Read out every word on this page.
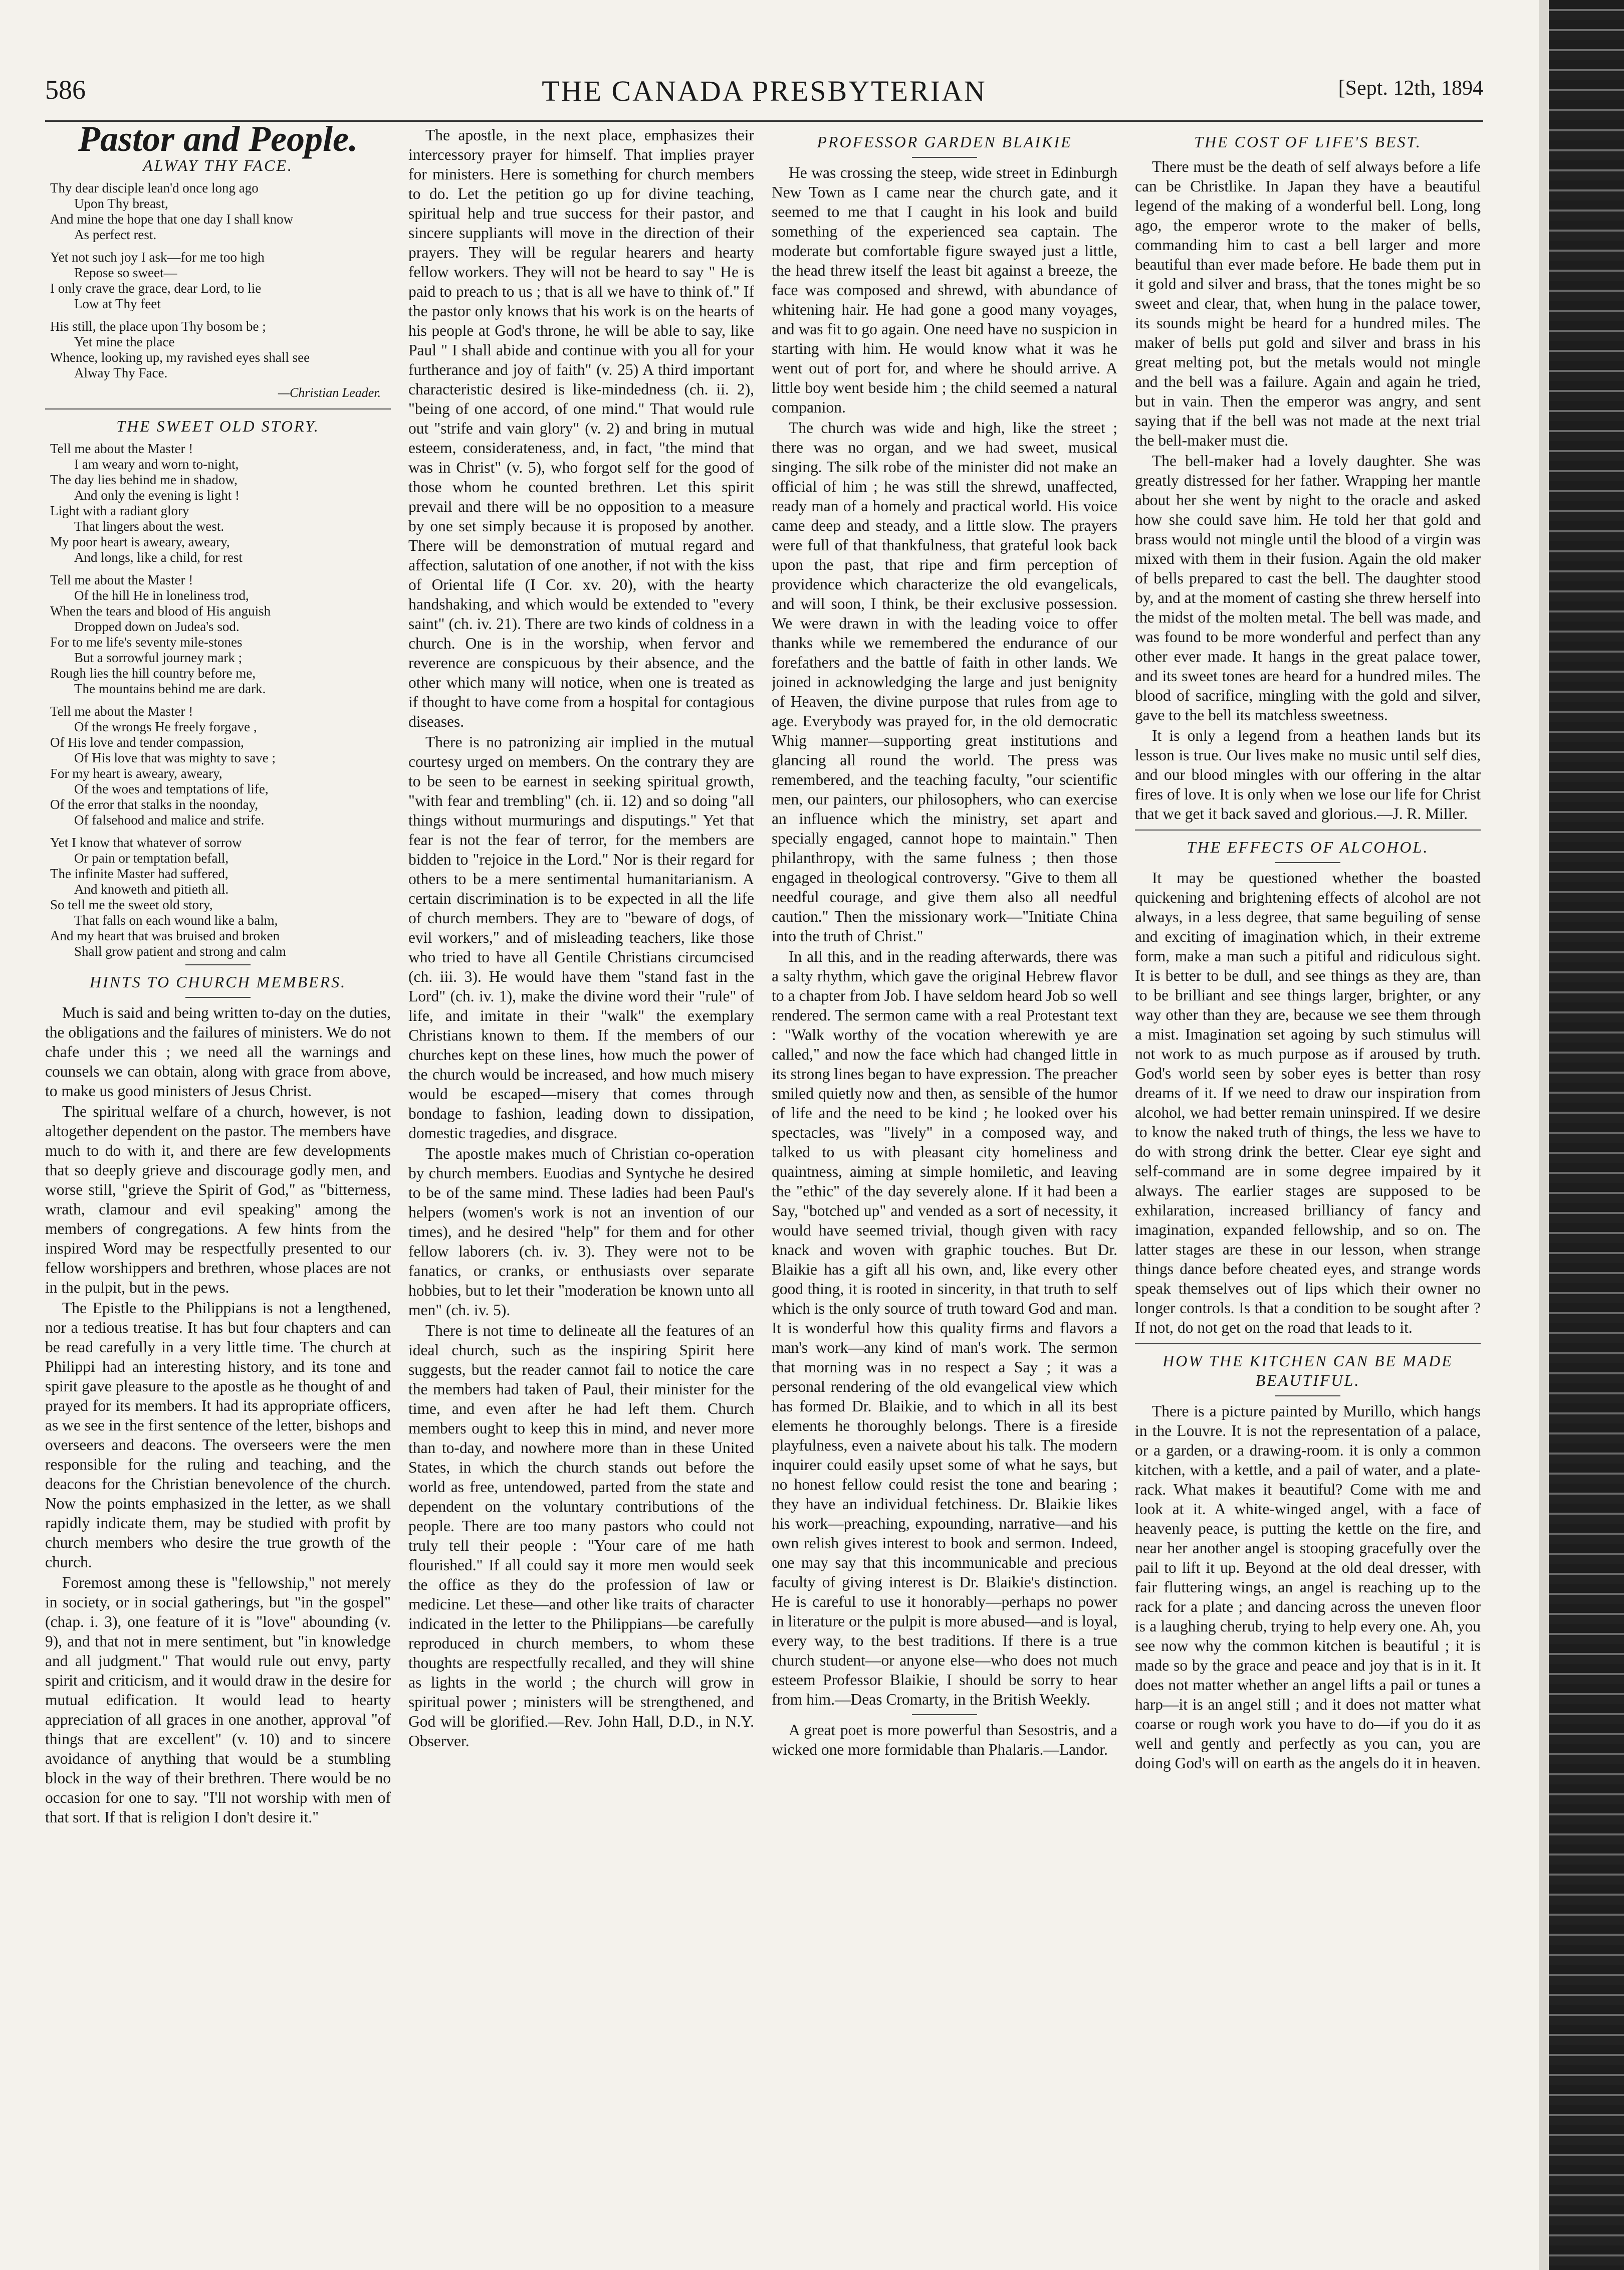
586	THE CANADA PRESBYTERIAN	[Sept. 12th, 1894
Pastor and People.
ALWAY THY FACE.
Thy dear disciple lean'd once long ago
Upon Thy breast,
And mine the hope that one day I shall know
As perfect rest.
Yet not such joy I ask—for me too high
Repose so sweet—
I only crave the grace, dear Lord, to lie
Low at Thy feet
His still, the place upon Thy bosom be ;
Yet mine the place
Whence, looking up, my ravished eyes shall see
Alway Thy Face.
—Christian Leader.
THE SWEET OLD STORY.
Tell me about the Master !
I am weary and worn to-night,
The day lies behind me in shadow,
And only the evening is light !
Light with a radiant glory
That lingers about the west.
My poor heart is aweary, aweary,
And longs, like a child, for rest
Tell me about the Master !
Of the hill He in loneliness trod,
When the tears and blood of His anguish
Dropped down on Judea's sod.
For to me life's seventy mile-stones
But a sorrowful journey mark ;
Rough lies the hill country before me,
The mountains behind me are dark.
Tell me about the Master !
Of the wrongs He freely forgave ,
Of His love and tender compassion,
Of His love that was mighty to save ;
For my heart is aweary, aweary,
Of the woes and temptations of life,
Of the error that stalks in the noonday,
Of falsehood and malice and strife.
Yet I know that whatever of sorrow
Or pain or temptation befall,
The infinite Master had suffered,
And knoweth and pitieth all.
So tell me the sweet old story,
That falls on each wound like a balm,
And my heart that was bruised and broken
Shall grow patient and strong and calm
HINTS TO CHURCH MEMBERS.

Much is said and being written to-day on the duties, the obligations and the failures of ministers. We do not chafe under this ; we need all the warnings and counsels we can obtain, along with grace from above, to make us good ministers of Jesus Christ.

The spiritual welfare of a church, however, is not altogether dependent on the pastor. The members have much to do with it, and there are few developments that so deeply grieve and discourage godly men, and worse still, "grieve the Spirit of God," as "bitterness, wrath, clamour and evil speaking" among the members of congregations. A few hints from the inspired Word may be respectfully presented to our fellow worshippers and brethren, whose places are not in the pulpit, but in the pews.

The Epistle to the Philippians is not a lengthened, nor a tedious treatise. It has but four chapters and can be read carefully in a very little time. The church at Philippi had an interesting history, and its tone and spirit gave pleasure to the apostle as he thought of and prayed for its members. It had its appropriate officers, as we see in the first sentence of the letter, bishops and overseers and deacons. The overseers were the men responsible for the ruling and teaching, and the deacons for the Christian benevolence of the church. Now the points emphasized in the letter, as we shall rapidly indicate them, may be studied with profit by church members who desire the true growth of the church.

Foremost among these is "fellowship," not merely in society, or in social gatherings, but "in the gospel" (chap. i. 3), one feature of it is "love" abounding (v. 9), and that not in mere sentiment, but "in knowledge and all judgment." That would rule out envy, party spirit and criticism, and it would draw in the desire for mutual edification. It would lead to hearty appreciation of all graces in one another, approval "of things that are excellent" (v. 10) and to sincere avoidance of anything that would be a stumbling block in the way of their brethren. There would be no occasion for one to say. "I'll not worship with men of that sort. If that is religion I don't desire it."

The apostle, in the next place, emphasizes their intercessory prayer for himself. That implies prayer for ministers. Here is something for church members to do. Let the petition go up for divine teaching, spiritual help and true success for their pastor, and sincere suppliants will move in the direction of their prayers. They will be regular hearers and hearty fellow workers. They will not be heard to say " He is paid to preach to us ; that is all we have to think of." If the pastor only knows that his work is on the hearts of his people at God's throne, he will be able to say, like Paul " I shall abide and continue with you all for your furtherance and joy of faith" (v. 25) A third important characteristic desired is like-mindedness (ch. ii. 2), "being of one accord, of one mind." That would rule out "strife and vain glory" (v. 2) and bring in mutual esteem, considerateness, and, in fact, "the mind that was in Christ" (v. 5), who forgot self for the good of those whom he counted brethren. Let this spirit prevail and there will be no opposition to a measure by one set simply because it is proposed by another. There will be demonstration of mutual regard and affection, salutation of one another, if not with the kiss of Oriental life (I Cor. xv. 20), with the hearty handshaking, and which would be extended to "every saint" (ch. iv. 21). There are two kinds of coldness in a church. One is in the worship, when fervor and reverence are conspicuous by their absence, and the other which many will notice, when one is treated as if thought to have come from a hospital for contagious diseases.

There is no patronizing air implied in the mutual courtesy urged on members. On the contrary they are to be seen to be earnest in seeking spiritual growth, "with fear and trembling" (ch. ii. 12) and so doing "all things without murmurings and disputings." Yet that fear is not the fear of terror, for the members are bidden to "rejoice in the Lord." Nor is their regard for others to be a mere sentimental humanitarianism. A certain discrimination is to be expected in all the life of church members. They are to "beware of dogs, of evil workers," and of misleading teachers, like those who tried to have all Gentile Christians circumcised (ch. iii. 3). He would have them "stand fast in the Lord" (ch. iv. 1), make the divine word their "rule" of life, and imitate in their "walk" the exemplary Christians known to them. If the members of our churches kept on these lines, how much the power of the church would be increased, and how much misery would be escaped—misery that comes through bondage to fashion, leading down to dissipation, domestic tragedies, and disgrace.

The apostle makes much of Christian co-operation by church members. Euodias and Syntyche he desired to be of the same mind. These ladies had been Paul's helpers (women's work is not an invention of our times), and he desired "help" for them and for other fellow laborers (ch. iv. 3). They were not to be fanatics, or cranks, or enthusiasts over separate hobbies, but to let their "moderation be known unto all men" (ch. iv. 5).

There is not time to delineate all the features of an ideal church, such as the inspiring Spirit here suggests, but the reader cannot fail to notice the care the members had taken of Paul, their minister for the time, and even after he had left them. Church members ought to keep this in mind, and never more than to-day, and nowhere more than in these United States, in which the church stands out before the world as free, untendowed, parted from the state and dependent on the voluntary contributions of the people. There are too many pastors who could not truly tell their people : "Your care of me hath flourished." If all could say it more men would seek the office as they do the profession of law or medicine. Let these—and other like traits of character indicated in the letter to the Philippians—be carefully reproduced in church members, to whom these thoughts are respectfully recalled, and they will shine as lights in the world ; the church will grow in spiritual power ; ministers will be strengthened, and God will be glorified.—Rev. John Hall, D.D., in N.Y. Observer.

PROFESSOR GARDEN BLAIKIE

He was crossing the steep, wide street in Edinburgh New Town as I came near the church gate, and it seemed to me that I caught in his look and build something of the experienced sea captain. The moderate but comfortable figure swayed just a little, the head threw itself the least bit against a breeze, the face was composed and shrewd, with abundance of whitening hair. He had gone a good many voyages, and was fit to go again. One need have no suspicion in starting with him. He would know what it was he went out of port for, and where he should arrive. A little boy went beside him ; the child seemed a natural companion.

The church was wide and high, like the street ; there was no organ, and we had sweet, musical singing. The silk robe of the minister did not make an official of him ; he was still the shrewd, unaffected, ready man of a homely and practical world. His voice came deep and steady, and a little slow. The prayers were full of that thankfulness, that grateful look back upon the past, that ripe and firm perception of providence which characterize the old evangelicals, and will soon, I think, be their exclusive possession. We were drawn in with the leading voice to offer thanks while we remembered the endurance of our forefathers and the battle of faith in other lands. We joined in acknowledging the large and just benignity of Heaven, the divine purpose that rules from age to age. Everybody was prayed for, in the old democratic Whig manner—supporting great institutions and glancing all round the world. The press was remembered, and the teaching faculty, "our scientific men, our painters, our philosophers, who can exercise an influence which the ministry, set apart and specially engaged, cannot hope to maintain." Then philanthropy, with the same fulness ; then those engaged in theological controversy. "Give to them all needful courage, and give them also all needful caution." Then the missionary work—"Initiate China into the truth of Christ."

In all this, and in the reading afterwards, there was a salty rhythm, which gave the original Hebrew flavor to a chapter from Job. I have seldom heard Job so well rendered. The sermon came with a real Protestant text : "Walk worthy of the vocation wherewith ye are called," and now the face which had changed little in its strong lines began to have expression. The preacher smiled quietly now and then, as sensible of the humor of life and the need to be kind ; he looked over his spectacles, was "lively" in a composed way, and talked to us with pleasant city homeliness and quaintness, aiming at simple homiletic, and leaving the "ethic" of the day severely alone. If it had been a Say, "botched up" and vended as a sort of necessity, it would have seemed trivial, though given with racy knack and woven with graphic touches. But Dr. Blaikie has a gift all his own, and, like every other good thing, it is rooted in sincerity, in that truth to self which is the only source of truth toward God and man. It is wonderful how this quality firms and flavors a man's work—any kind of man's work. The sermon that morning was in no respect a Say ; it was a personal rendering of the old evangelical view which has formed Dr. Blaikie, and to which in all its best elements he thoroughly belongs. There is a fireside playfulness, even a naivete about his talk. The modern inquirer could easily upset some of what he says, but no honest fellow could resist the tone and bearing ; they have an individual fetchiness. Dr. Blaikie likes his work—preaching, expounding, narrative—and his own relish gives interest to book and sermon. Indeed, one may say that this incommunicable and precious faculty of giving interest is Dr. Blaikie's distinction. He is careful to use it honorably—perhaps no power in literature or the pulpit is more abused—and is loyal, every way, to the best traditions. If there is a true church student—or anyone else—who does not much esteem Professor Blaikie, I should be sorry to hear from him.—Deas Cromarty, in the British Weekly.

A great poet is more powerful than Sesostris, and a wicked one more formidable than Phalaris.—Landor.

THE COST OF LIFE'S BEST.

There must be the death of self always before a life can be Christlike. In Japan they have a beautiful legend of the making of a wonderful bell. Long, long ago, the emperor wrote to the maker of bells, commanding him to cast a bell larger and more beautiful than ever made before. He bade them put in it gold and silver and brass, that the tones might be so sweet and clear, that, when hung in the palace tower, its sounds might be heard for a hundred miles. The maker of bells put gold and silver and brass in his great melting pot, but the metals would not mingle and the bell was a failure. Again and again he tried, but in vain. Then the emperor was angry, and sent saying that if the bell was not made at the next trial the bell-maker must die.

The bell-maker had a lovely daughter. She was greatly distressed for her father. Wrapping her mantle about her she went by night to the oracle and asked how she could save him. He told her that gold and brass would not mingle until the blood of a virgin was mixed with them in their fusion. Again the old maker of bells prepared to cast the bell. The daughter stood by, and at the moment of casting she threw herself into the midst of the molten metal. The bell was made, and was found to be more wonderful and perfect than any other ever made. It hangs in the great palace tower, and its sweet tones are heard for a hundred miles. The blood of sacrifice, mingling with the gold and silver, gave to the bell its matchless sweetness.

It is only a legend from a heathen lands but its lesson is true. Our lives make no music until self dies, and our blood mingles with our offering in the altar fires of love. It is only when we lose our life for Christ that we get it back saved and glorious.—J. R. Miller.

THE EFFECTS OF ALCOHOL.

It may be questioned whether the boasted quickening and brightening effects of alcohol are not always, in a less degree, that same beguiling of sense and exciting of imagination which, in their extreme form, make a man such a pitiful and ridiculous sight. It is better to be dull, and see things as they are, than to be brilliant and see things larger, brighter, or any way other than they are, because we see them through a mist. Imagination set agoing by such stimulus will not work to as much purpose as if aroused by truth. God's world seen by sober eyes is better than rosy dreams of it. If we need to draw our inspiration from alcohol, we had better remain uninspired. If we desire to know the naked truth of things, the less we have to do with strong drink the better. Clear eye sight and self-command are in some degree impaired by it always. The earlier stages are supposed to be exhilaration, increased brilliancy of fancy and imagination, expanded fellowship, and so on. The latter stages are these in our lesson, when strange things dance before cheated eyes, and strange words speak themselves out of lips which their owner no longer controls. Is that a condition to be sought after ? If not, do not get on the road that leads to it.

HOW THE KITCHEN CAN BE MADE BEAUTIFUL.

There is a picture painted by Murillo, which hangs in the Louvre. It is not the representation of a palace, or a garden, or a drawing-room. it is only a common kitchen, with a kettle, and a pail of water, and a plate-rack. What makes it beautiful? Come with me and look at it. A white-winged angel, with a face of heavenly peace, is putting the kettle on the fire, and near her another angel is stooping gracefully over the pail to lift it up. Beyond at the old deal dresser, with fair fluttering wings, an angel is reaching up to the rack for a plate ; and dancing across the uneven floor is a laughing cherub, trying to help every one. Ah, you see now why the common kitchen is beautiful ; it is made so by the grace and peace and joy that is in it. It does not matter whether an angel lifts a pail or tunes a harp—it is an angel still ; and it does not matter what coarse or rough work you have to do—if you do it as well and gently and perfectly as you can, you are doing God's will on earth as the angels do it in heaven.
